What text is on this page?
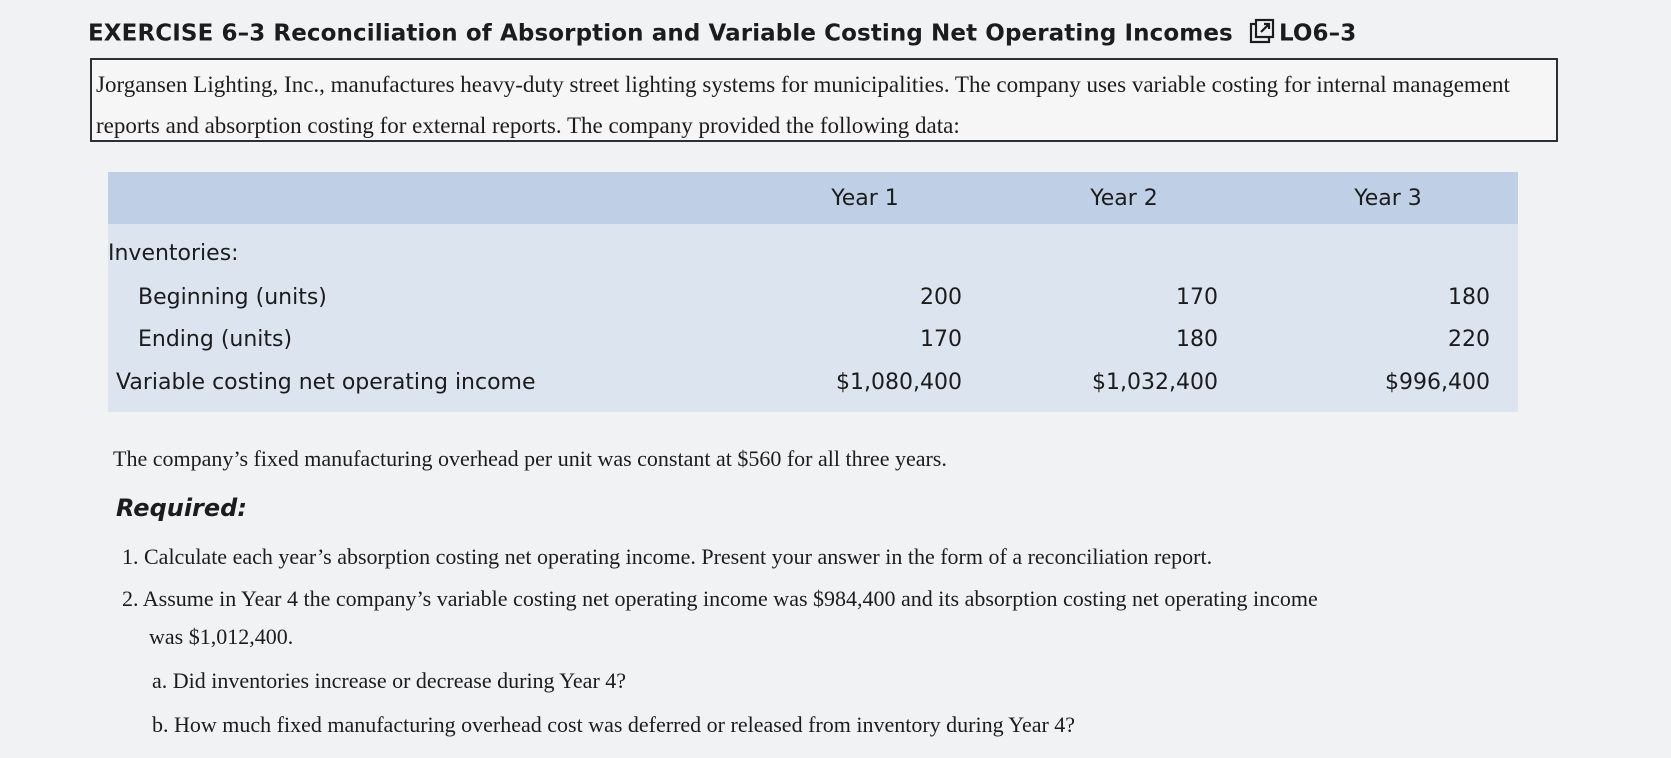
EXERCISE 6–3 Reconciliation of Absorption and Variable Costing Net Operating Incomes LO6–3
Jorgansen Lighting, Inc., manufactures heavy-duty street lighting systems for municipalities. The company uses variable costing for internal management reports and absorption costing for external reports. The company provided the following data:
	Year 1	Year 2	Year 3
Inventories:			
Beginning (units)	200	170	180
Ending (units)	170	180	220
Variable costing net operating income	$1,080,400	$1,032,400	$996,400
The company’s fixed manufacturing overhead per unit was constant at $560 for all three years.
Required:
1. Calculate each year’s absorption costing net operating income. Present your answer in the form of a reconciliation report.
2. Assume in Year 4 the company’s variable costing net operating income was $984,400 and its absorption costing net operating income
was $1,012,400.
a. Did inventories increase or decrease during Year 4?
b. How much fixed manufacturing overhead cost was deferred or released from inventory during Year 4?
